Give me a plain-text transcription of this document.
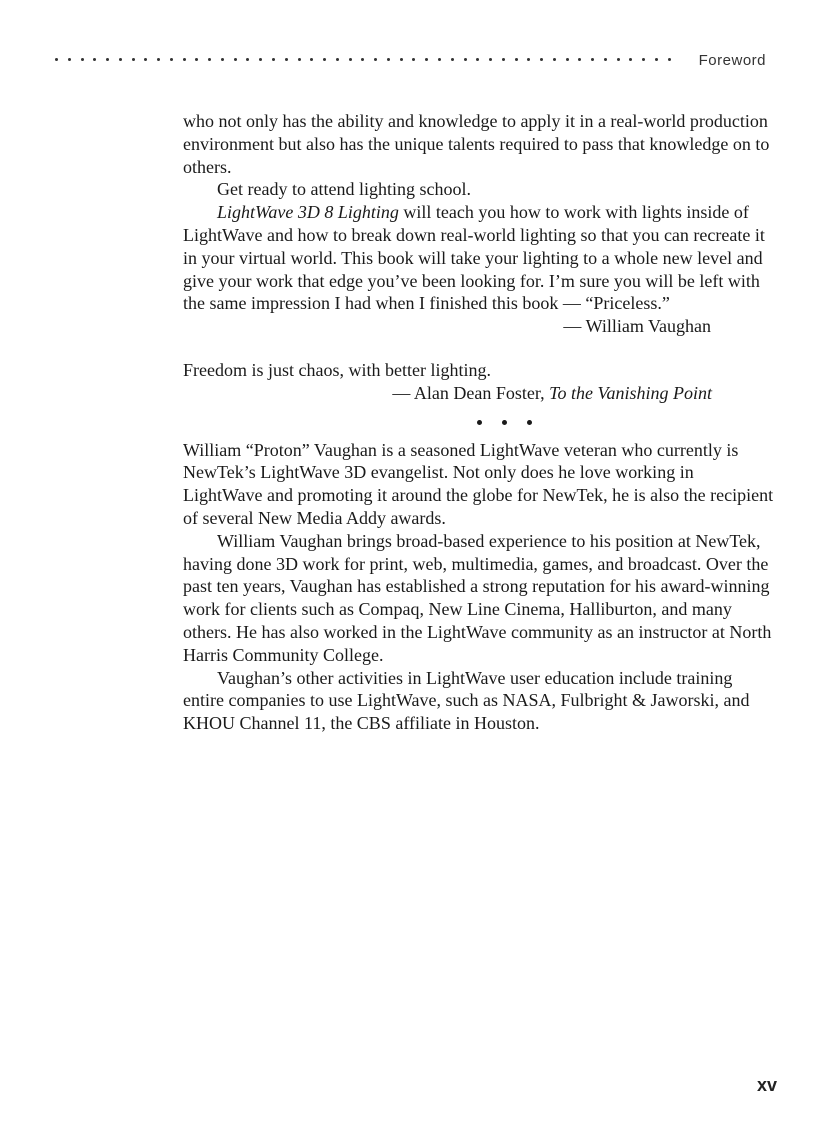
Foreword

who not only has the ability and knowledge to apply it in a real-world production environment but also has the unique talents required to pass that knowledge on to others.

Get ready to attend lighting school.

LightWave 3D 8 Lighting will teach you how to work with lights inside of LightWave and how to break down real-world lighting so that you can recreate it in your virtual world. This book will take your lighting to a whole new level and give your work that edge you’ve been looking for. I’m sure you will be left with the same impression I had when I finished this book — “Priceless.”

— William Vaughan

Freedom is just chaos, with better lighting.

— Alan Dean Foster, To the Vanishing Point

William “Proton” Vaughan is a seasoned LightWave veteran who currently is NewTek’s LightWave 3D evangelist. Not only does he love working in LightWave and promoting it around the globe for NewTek, he is also the recipient of several New Media Addy awards.

William Vaughan brings broad-based experience to his position at NewTek, having done 3D work for print, web, multimedia, games, and broadcast. Over the past ten years, Vaughan has established a strong reputation for his award-winning work for clients such as Compaq, New Line Cinema, Halliburton, and many others. He has also worked in the LightWave community as an instructor at North Harris Community College.

Vaughan’s other activities in LightWave user education include training entire companies to use LightWave, such as NASA, Fulbright & Jaworski, and KHOU Channel 11, the CBS affiliate in Houston.

xv
